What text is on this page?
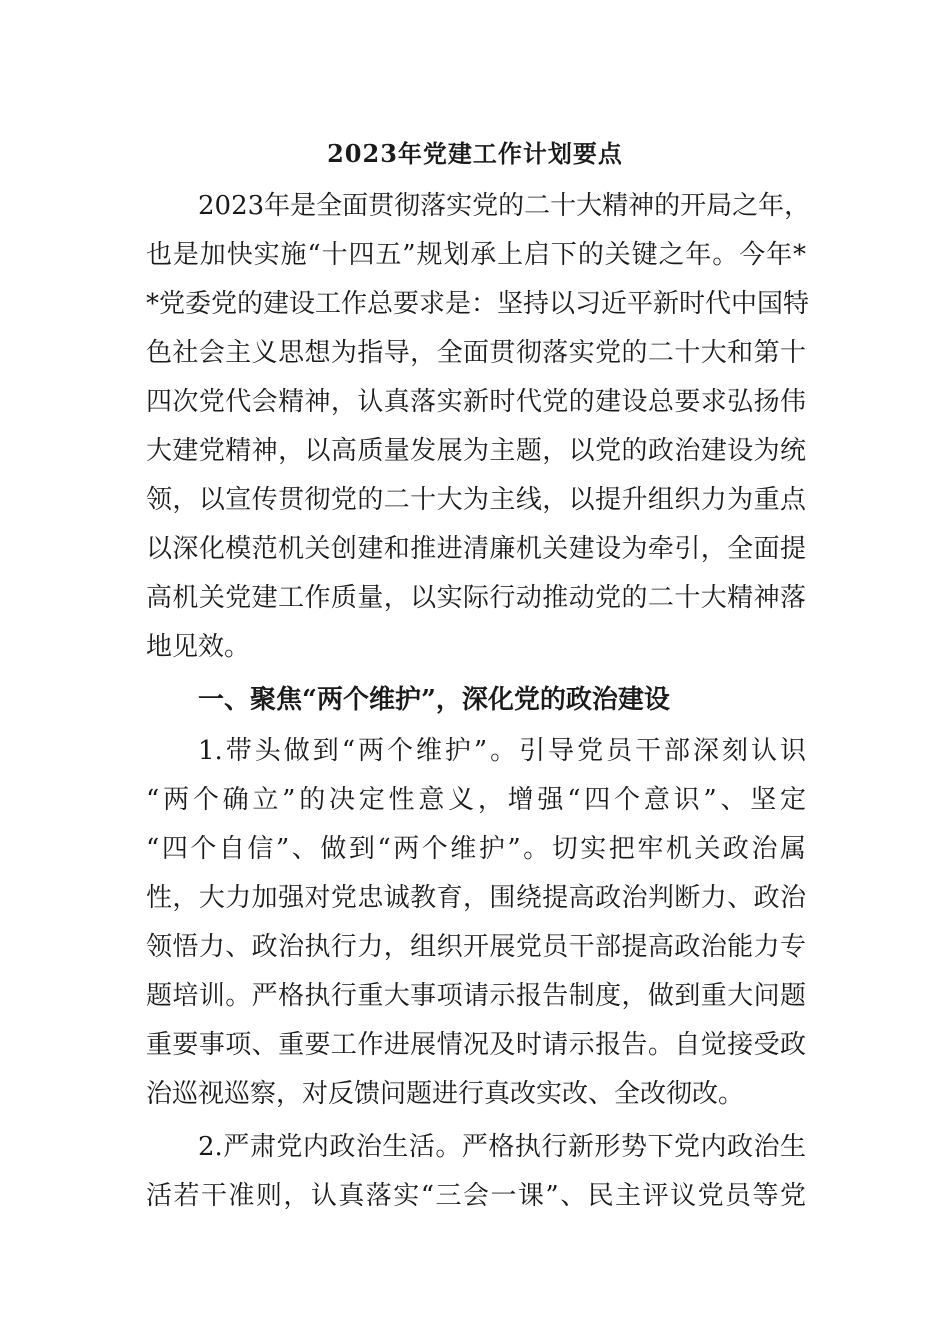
2023年党建工作计划要点
2023年是全面贯彻落实党的二十大精神的开局之年，
也是加快实施“十四五”规划承上启下的关键之年。今年*
*党委党的建设工作总要求是：坚持以习近平新时代中国特
色社会主义思想为指导，全面贯彻落实党的二十大和第十
四次党代会精神，认真落实新时代党的建设总要求弘扬伟
大建党精神，以高质量发展为主题，以党的政治建设为统
领，以宣传贯彻党的二十大为主线，以提升组织力为重点
以深化模范机关创建和推进清廉机关建设为牵引，全面提
高机关党建工作质量，以实际行动推动党的二十大精神落
地见效。
一、聚焦“两个维护”，深化党的政治建设
1.带头做到“两个维护”。引导党员干部深刻认识
“两个确立”的决定性意义，增强“四个意识”、坚定
“四个自信”、做到“两个维护”。切实把牢机关政治属
性，大力加强对党忠诚教育，围绕提高政治判断力、政治
领悟力、政治执行力，组织开展党员干部提高政治能力专
题培训。严格执行重大事项请示报告制度，做到重大问题
重要事项、重要工作进展情况及时请示报告。自觉接受政
治巡视巡察，对反馈问题进行真改实改、全改彻改。
2.严肃党内政治生活。严格执行新形势下党内政治生
活若干准则，认真落实“三会一课”、民主评议党员等党
